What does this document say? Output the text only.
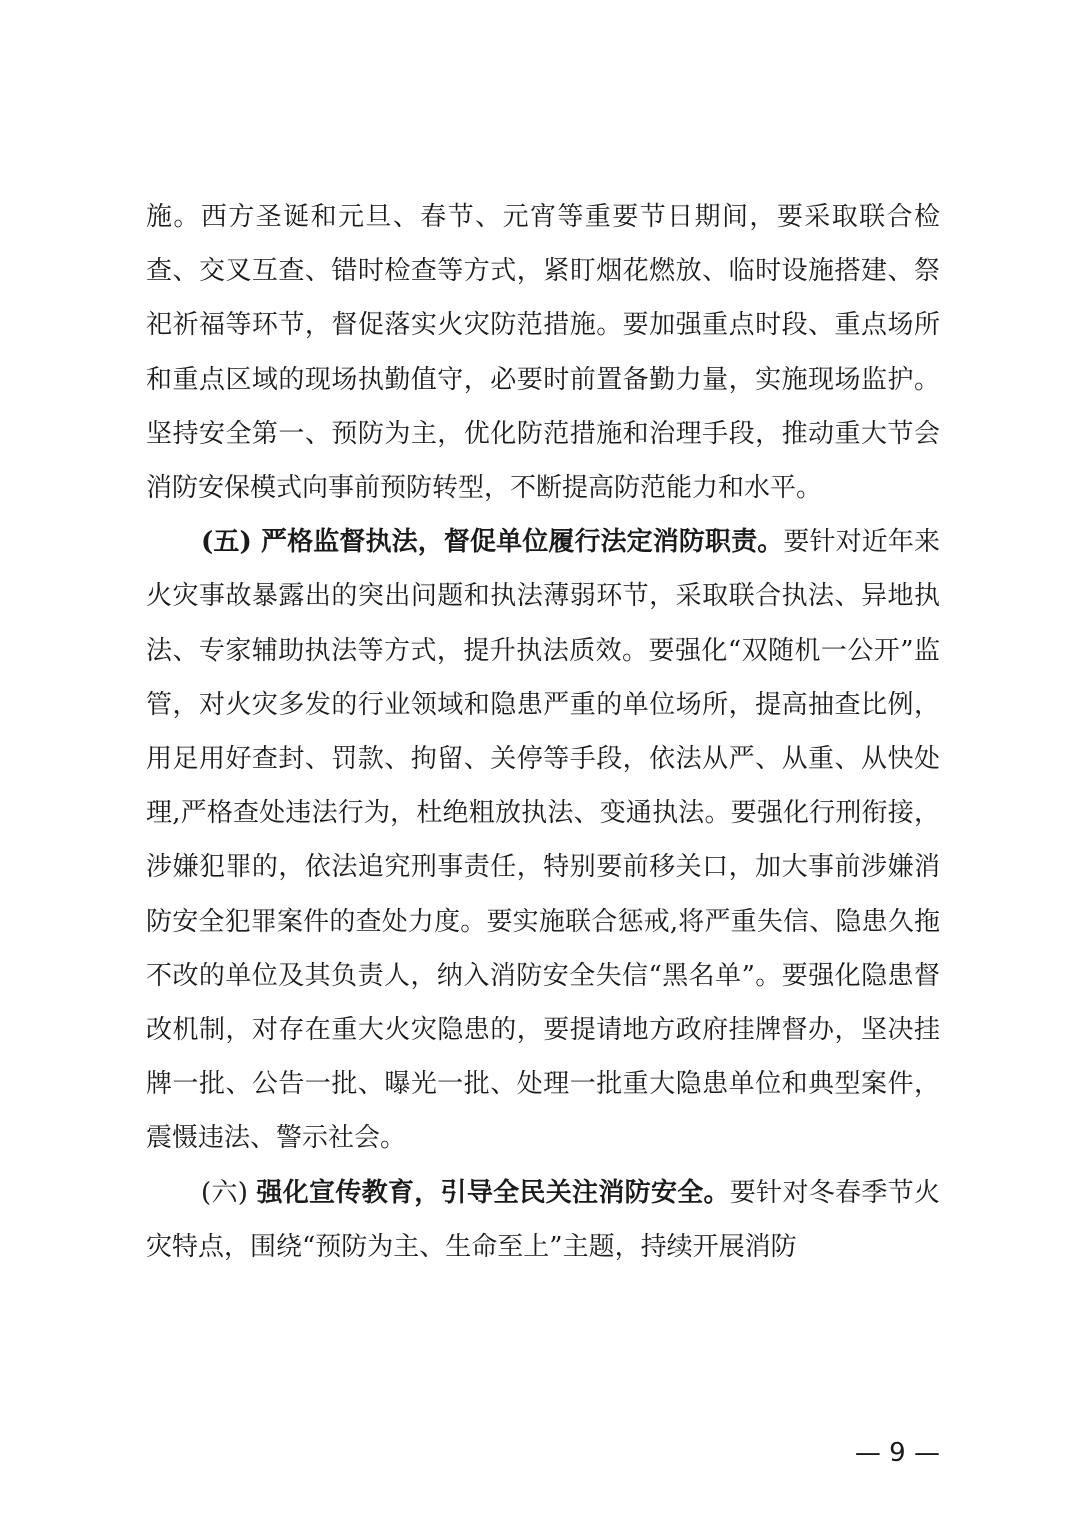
施。西方圣诞和元旦、春节、元宵等重要节日期间，要采取联合检查、交叉互查、错时检查等方式，紧盯烟花燃放、临时设施搭建、祭祀祈福等环节，督促落实火灾防范措施。要加强重点时段、重点场所和重点区域的现场执勤值守，必要时前置备勤力量，实施现场监护。坚持安全第一、预防为主，优化防范措施和治理手段，推动重大节会消防安保模式向事前预防转型，不断提高防范能力和水平。

(五) 严格监督执法，督促单位履行法定消防职责。要针对近年来火灾事故暴露出的突出问题和执法薄弱环节，采取联合执法、异地执法、专家辅助执法等方式，提升执法质效。要强化“双随机一公开”监管，对火灾多发的行业领域和隐患严重的单位场所，提高抽查比例，用足用好查封、罚款、拘留、关停等手段，依法从严、从重、从快处理,严格查处违法行为，杜绝粗放执法、变通执法。要强化行刑衔接，涉嫌犯罪的，依法追究刑事责任，特别要前移关口，加大事前涉嫌消防安全犯罪案件的查处力度。要实施联合惩戒,将严重失信、隐患久拖不改的单位及其负责人，纳入消防安全失信“黑名单”。要强化隐患督改机制，对存在重大火灾隐患的，要提请地方政府挂牌督办，坚决挂牌一批、公告一批、曝光一批、处理一批重大隐患单位和典型案件，震慑违法、警示社会。

(六) 强化宣传教育，引导全民关注消防安全。要针对冬春季节火灾特点，围绕“预防为主、生命至上”主题，持续开展消防

— 9 —
